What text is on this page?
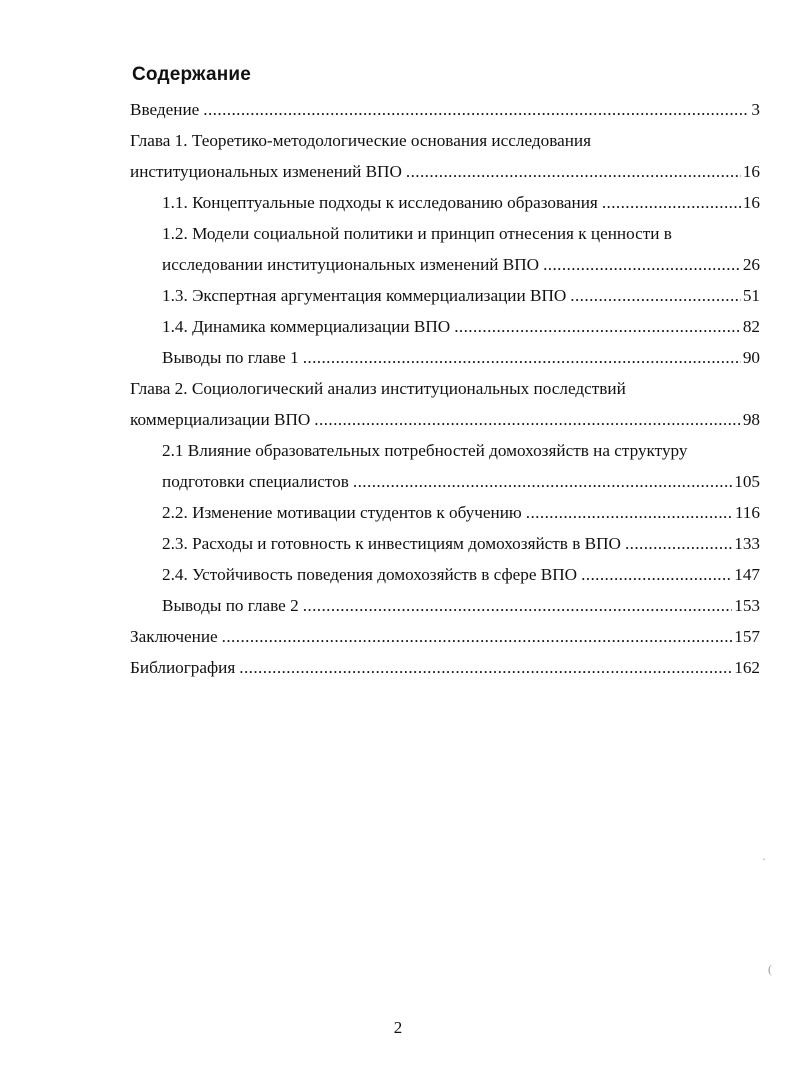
Содержание
Введение .....	3
Глава 1. Теоретико-методологические основания исследования
институциональных изменений ВПО .....	16
1.1. Концептуальные подходы к исследованию образования .....	16
1.2. Модели социальной политики и принцип отнесения к ценности в
исследовании институциональных изменений ВПО .....	26
1.3. Экспертная аргументация коммерциализации ВПО .....	51
1.4. Динамика коммерциализации ВПО .....	82
Выводы по главе 1 .....	90
Глава 2. Социологический анализ институциональных последствий
коммерциализации ВПО .....	98
2.1 Влияние образовательных потребностей домохозяйств на структуру
подготовки специалистов .....	105
2.2. Изменение мотивации студентов к обучению .....	116
2.3. Расходы и готовность к инвестициям домохозяйств в ВПО .....	133
2.4. Устойчивость поведения домохозяйств в сфере ВПО .....	147
Выводы по главе 2 .....	153
Заключение .....	157
Библиография .....	162
·
(
2
